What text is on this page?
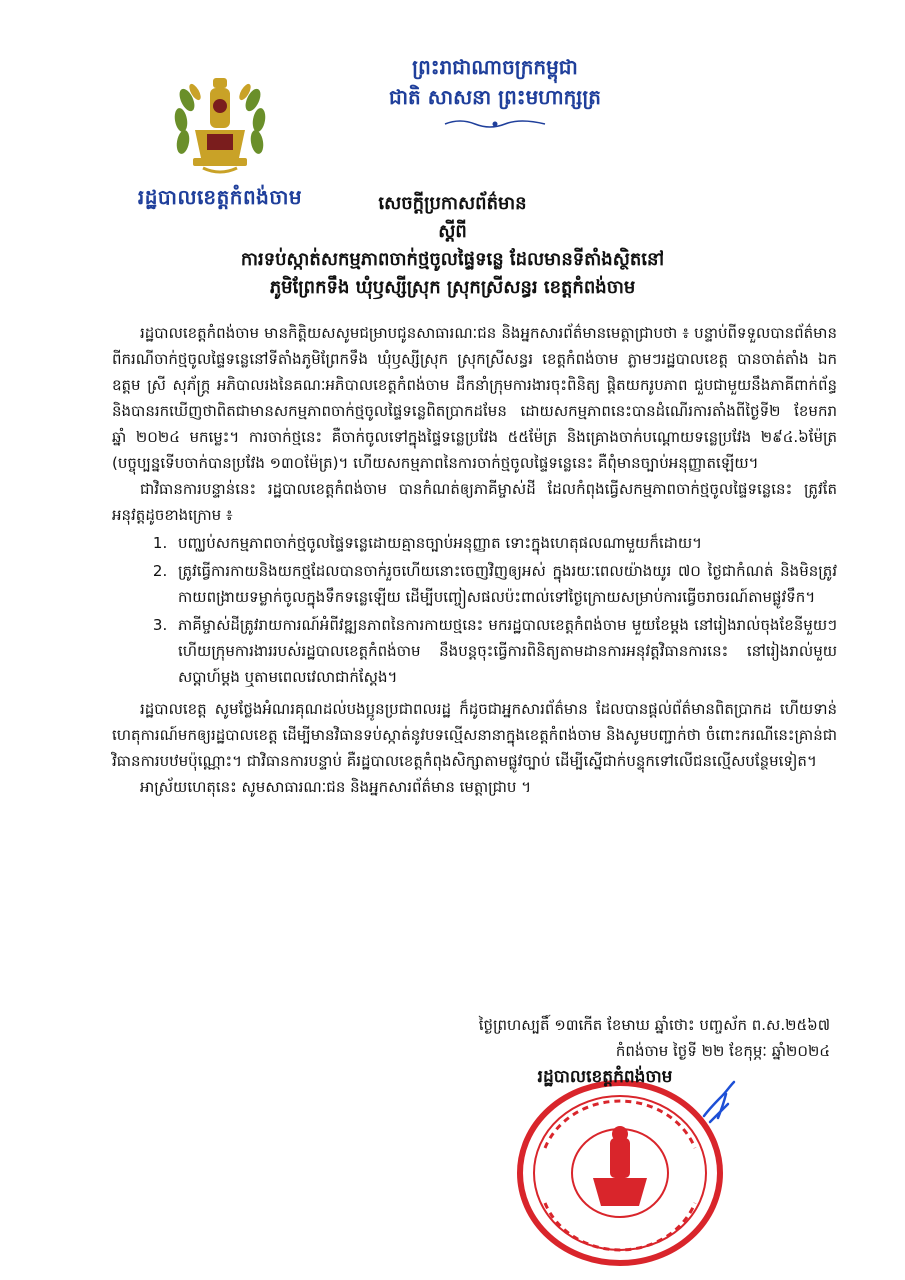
រដ្ឋបាលខេត្តកំពង់ចាម
ព្រះរាជាណាចក្រកម្ពុជា
ជាតិ សាសនា ព្រះមហាក្សត្រ
សេចក្តីប្រកាសព័ត៌មាន
ស្តីពី
ការទប់ស្កាត់សកម្មភាពចាក់ថ្មចូលផ្ទៃទន្លេ ដែលមានទីតាំងស្ថិតនៅ
ភូមិព្រែកទឹង ឃុំឫស្សីស្រុក ស្រុកស្រីសន្ធរ ខេត្តកំពង់ចាម

រដ្ឋបាលខេត្តកំពង់ចាម មានកិត្តិយសសូមជម្រាបជូនសាធារណៈជន និងអ្នកសារព័ត៌មានមេត្តាជ្រាបថា ៖ បន្ទាប់ពីទទួលបានព័ត៌មាន ពីករណីចាក់ថ្មចូលផ្ទៃទន្លេនៅទីតាំងភូមិព្រែកទឹង ឃុំឫស្សីស្រុក ស្រុកស្រីសន្ធរ ខេត្តកំពង់ចាម ភ្លាមៗរដ្ឋបាលខេត្ត បានចាត់តាំង ឯកឧត្តម ស្រី សុភ័ក្ត្រ អភិបាលរងនៃគណៈអភិបាលខេត្តកំពង់ចាម ដឹកនាំក្រុមការងារចុះពិនិត្យ ផ្តិតយករូបភាព ជួបជាមួយនឹងភាគីពាក់ព័ន្ធ និងបានរកឃើញថាពិតជាមានសកម្មភាពចាក់ថ្មចូលផ្ទៃទន្លេពិតប្រាកដមែន ដោយសកម្មភាពនេះបានដំណើរការតាំងពីថ្ងៃទី២ ខែមករា ឆ្នាំ ២០២៤ មកម្លេះ។ ការចាក់ថ្មនេះ គឺចាក់ចូលទៅក្នុងផ្ទៃទន្លេប្រវែង ៥៥ម៉ែត្រ និងគ្រោងចាក់បណ្តោយទន្លេប្រវែង ២៩៤.៦ម៉ែត្រ (បច្ចុប្បន្នទើបចាក់បានប្រវែង ១៣០ម៉ែត្រ)។ ហើយសកម្មភាពនៃការចាក់ថ្មចូលផ្ទៃទន្លេនេះ គឺពុំមានច្បាប់អនុញ្ញាតឡើយ។

ជាវិធានការបន្ទាន់នេះ រដ្ឋបាលខេត្តកំពង់ចាម បានកំណត់ឲ្យភាគីម្ចាស់ដី ដែលកំពុងធ្វើសកម្មភាពចាក់ថ្មចូលផ្ទៃទន្លេនេះ ត្រូវតែអនុវត្តដូចខាងក្រោម ៖

1. បញ្ឈប់សកម្មភាពចាក់ថ្មចូលផ្ទៃទន្លេដោយគ្មានច្បាប់អនុញ្ញាត ទោះក្នុងហេតុផលណាមួយក៏ដោយ។
2. ត្រូវធ្វើការកាយនិងយកថ្មដែលបានចាក់រួចហើយនោះចេញវិញឲ្យអស់ ក្នុងរយៈពេលយ៉ាងយូរ ៧០ ថ្ងៃជាកំណត់ និងមិនត្រូវកាយពង្រាយទម្លាក់ចូលក្នុងទឹកទន្លេឡើយ ដើម្បីបញ្ចៀសផលប៉ះពាល់ទៅថ្ងៃក្រោយសម្រាប់ការធ្វើចរាចរណ៍តាមផ្លូវទឹក។
3. ភាគីម្ចាស់ដីត្រូវរាយការណ៍អំពីវឌ្ឍនភាពនៃការកាយថ្មនេះ មករដ្ឋបាលខេត្តកំពង់ចាម មួយខែម្តង នៅរៀងរាល់ចុងខែនីមួយៗ ហើយក្រុមការងាររបស់រដ្ឋបាលខេត្តកំពង់ចាម នឹងបន្តចុះធ្វើការពិនិត្យតាមដានការអនុវត្តវិធានការនេះ នៅរៀងរាល់មួយសប្តាហ៍ម្តង ឬតាមពេលវេលាជាក់ស្តែង។

រដ្ឋបាលខេត្ត សូមថ្លែងអំណរគុណដល់បងប្អូនប្រជាពលរដ្ឋ ក៏ដូចជាអ្នកសារព័ត៌មាន ដែលបានផ្តល់ព័ត៌មានពិតប្រាកដ ហើយទាន់ហេតុការណ៍មកឲ្យរដ្ឋបាលខេត្ត ដើម្បីមានវិធានទប់ស្កាត់នូវបទល្មើសនានាក្នុងខេត្តកំពង់ចាម និងសូមបញ្ជាក់ថា ចំពោះករណីនេះគ្រាន់ជាវិធានការបឋមប៉ុណ្ណោះ។ ជាវិធានការបន្ទាប់ គឺរដ្ឋបាលខេត្តកំពុងសិក្សាតាមផ្លូវច្បាប់ ដើម្បីស្នើជាក់បន្ទុកទៅលើជនល្មើសបន្ថែមទៀត។

អាស្រ័យហេតុនេះ សូមសាធារណៈជន និងអ្នកសារព័ត៌មាន មេត្តាជ្រាប ។

ថ្ងៃព្រហស្បតិ៍ ១៣កើត ខែមាឃ ឆ្នាំថោះ បញ្ចស័ក ព.ស.២៥៦៧
កំពង់ចាម ថ្ងៃទី ២២ ខែកុម្ភៈ ឆ្នាំ២០២៤
រដ្ឋបាលខេត្តកំពង់ចាម
